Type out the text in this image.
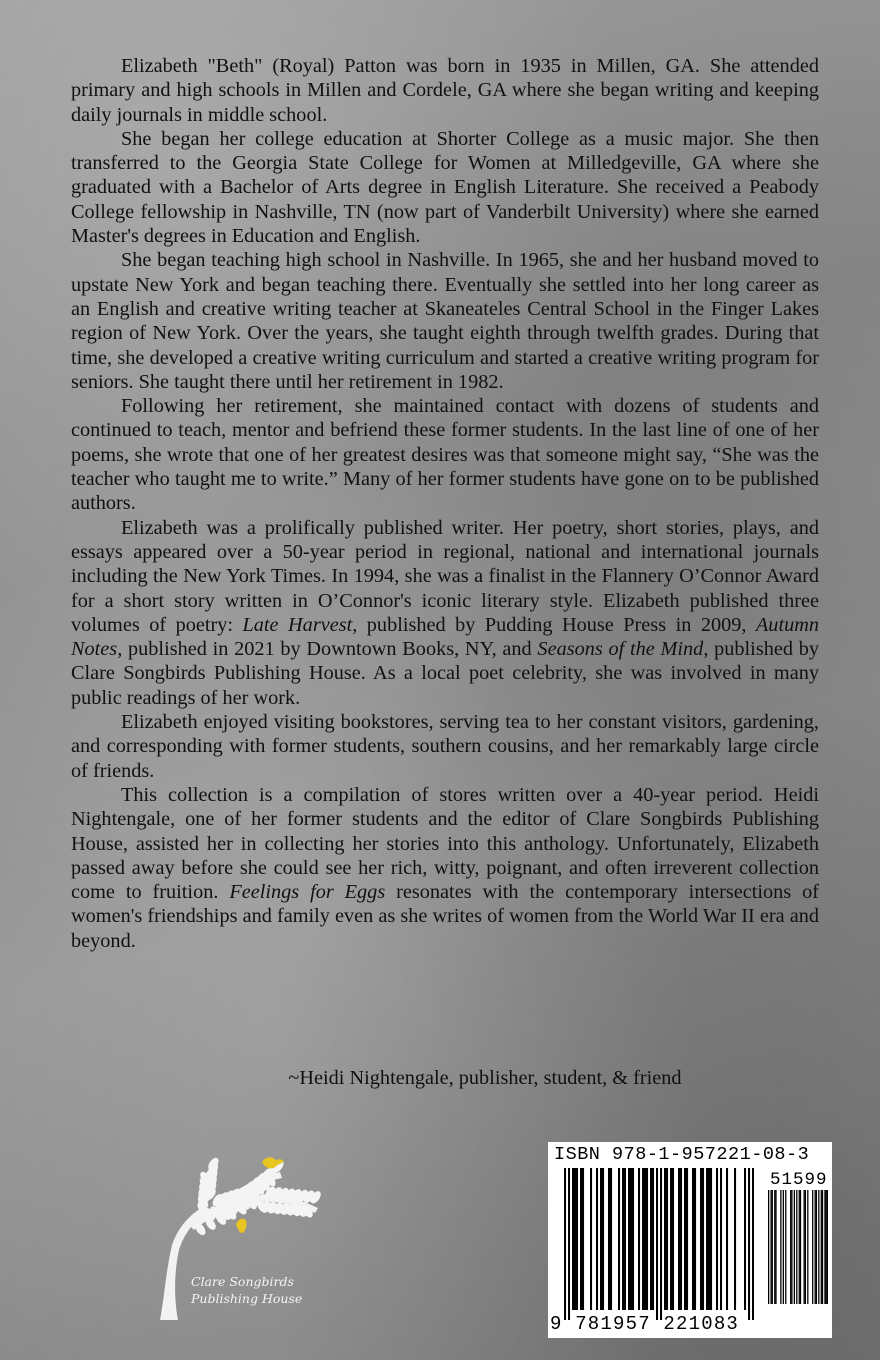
Elizabeth "Beth" (Royal) Patton was born in 1935 in Millen, GA. She attended primary and high schools in Millen and Cordele, GA where she began writing and keeping daily journals in middle school.

She began her college education at Shorter College as a music major. She then transferred to the Georgia State College for Women at Milledgeville, GA where she graduated with a Bachelor of Arts degree in English Literature. She received a Peabody College fellowship in Nashville, TN (now part of Vanderbilt University) where she earned Master's degrees in Education and English.

She began teaching high school in Nashville. In 1965, she and her husband moved to upstate New York and began teaching there. Eventually she settled into her long career as an English and creative writing teacher at Skaneateles Central School in the Finger Lakes region of New York. Over the years, she taught eighth through twelfth grades. During that time, she developed a creative writing curriculum and started a creative writing program for seniors. She taught there until her retirement in 1982.

Following her retirement, she maintained contact with dozens of students and continued to teach, mentor and befriend these former students. In the last line of one of her poems, she wrote that one of her greatest desires was that someone might say, “She was the teacher who taught me to write.” Many of her former students have gone on to be published authors.

Elizabeth was a prolifically published writer. Her poetry, short stories, plays, and essays appeared over a 50-year period in regional, national and international journals including the New York Times. In 1994, she was a finalist in the Flannery O’Connor Award for a short story written in O’Connor's iconic literary style. Elizabeth published three volumes of poetry: Late Harvest, published by Pudding House Press in 2009, Autumn Notes, published in 2021 by Downtown Books, NY, and Seasons of the Mind, published by Clare Songbirds Publishing House. As a local poet celebrity, she was involved in many public readings of her work.

Elizabeth enjoyed visiting bookstores, serving tea to her constant visitors, gardening, and corresponding with former students, southern cousins, and her remarkably large circle of friends.

This collection is a compilation of stores written over a 40-year period. Heidi Nightengale, one of her former students and the editor of Clare Songbirds Publishing House, assisted her in collecting her stories into this anthology. Unfortunately, Elizabeth passed away before she could see her rich, witty, poignant, and often irreverent collection come to fruition. Feelings for Eggs resonates with the contemporary intersections of women's friendships and family even as she writes of women from the World War II era and beyond.

~Heidi Nightengale, publisher, student, & friend
Clare Songbirds
Publishing House
ISBN 978-1-957221-08-3
51599
9 781957 221083
